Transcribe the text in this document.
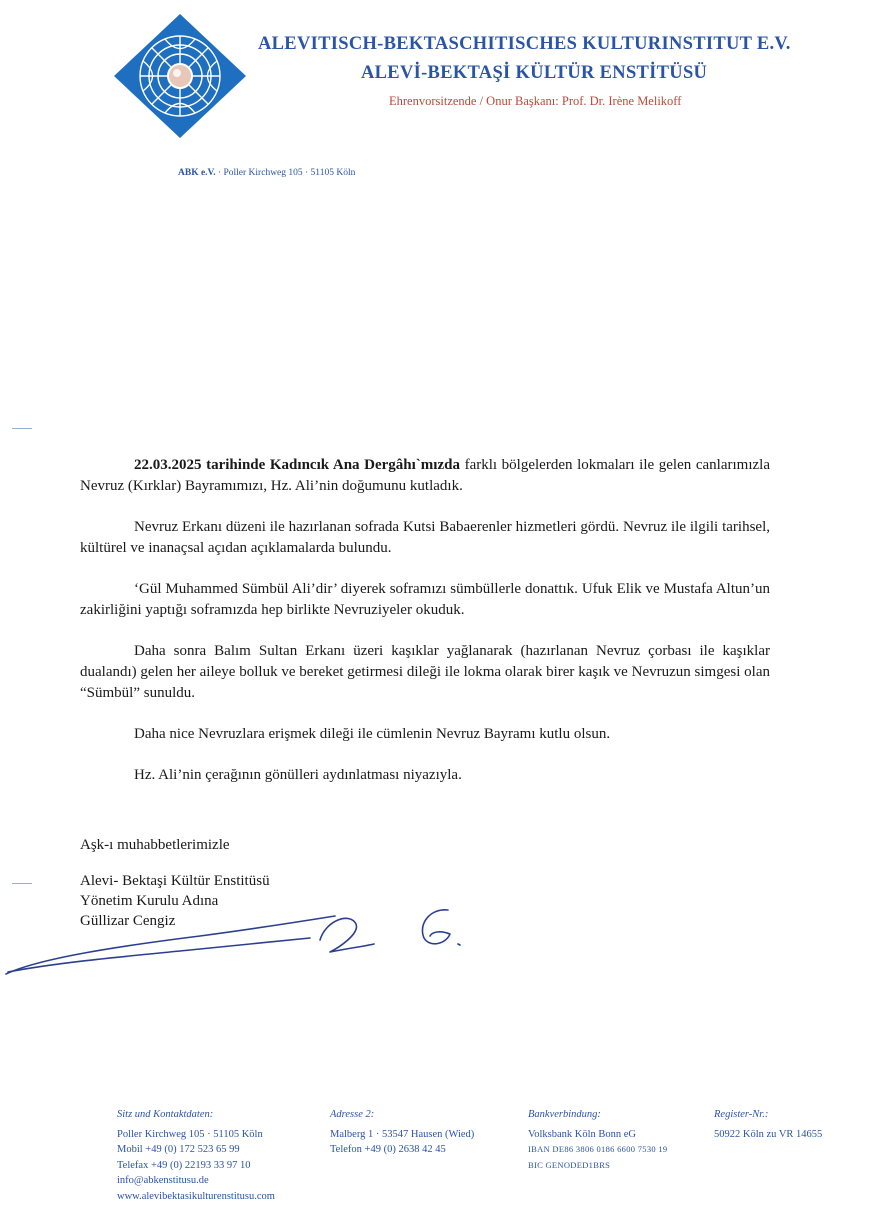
ALEVITISCH-BEKTASCHITISCHES KULTURINSTITUT E.V.
ALEVİ-BEKTAŞİ KÜLTÜR ENSTİTÜSÜ
Ehrenvorsitzende / Onur Başkanı: Prof. Dr. Irène Melikoff
ABK e.V. · Poller Kirchweg 105 · 51105 Köln

22.03.2025 tarihinde Kadıncık Ana Dergâhı`mızda farklı bölgelerden lokmaları ile gelen canlarımızla Nevruz (Kırklar) Bayramımızı, Hz. Ali’nin doğumunu kutladık.

Nevruz Erkanı düzeni ile hazırlanan sofrada Kutsi Babaerenler hizmetleri gördü. Nevruz ile ilgili tarihsel, kültürel ve inanaçsal açıdan açıklamalarda bulundu.

‘Gül Muhammed Sümbül Ali’dir’ diyerek soframızı sümbüllerle donattık. Ufuk Elik ve Mustafa Altun’un zakirliğini yaptığı soframızda hep birlikte Nevruziyeler okuduk.

Daha sonra Balım Sultan Erkanı üzeri kaşıklar yağlanarak (hazırlanan Nevruz çorbası ile kaşıklar dualandı) gelen her aileye bolluk ve bereket getirmesi dileği ile lokma olarak birer kaşık ve Nevruzun simgesi olan “Sümbül” sunuldu.

Daha nice Nevruzlara erişmek dileği ile cümlenin Nevruz Bayramı kutlu olsun.

Hz. Ali’nin çerağının gönülleri aydınlatması niyazıyla.

Aşk-ı muhabbetlerimizle
Alevi- Bektaşi Kültür Enstitüsü
Yönetim Kurulu Adına
Güllizar Cengiz
Sitz und Kontaktdaten:
Poller Kirchweg 105 · 51105 Köln
Mobil +49 (0) 172 523 65 99
Telefax +49 (0) 22193 33 97 10
info@abkenstitusu.de
www.alevibektasikulturenstitusu.com
Adresse 2:
Malberg 1 · 53547 Hausen (Wied)
Telefon +49 (0) 2638 42 45
Bankverbindung:
Volksbank Köln Bonn eG
IBAN DE86 3806 0186 6600 7530 19
BIC GENODED1BRS
Register-Nr.:
50922 Köln zu VR 14655
